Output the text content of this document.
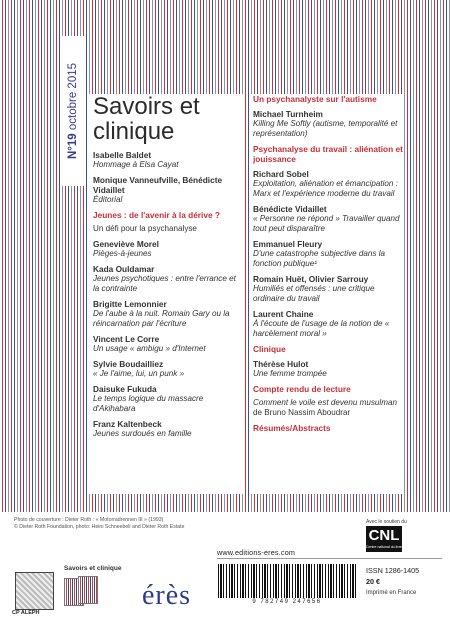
N°19 octobre 2015 Savoirs et
clinique
Isabelle Baldet
Hommage à Elsa Cayat
Monique Vanneufville, Bénédicte Vidaillet
Éditorial
Jeunes : de l'avenir à la dérive ?
Un défi pour la psychanalyse
Geneviève Morel
Pièges-à-jeunes
Kada Ouldamar
Jeunes psychotiques : entre l'errance et la contrainte
Brigitte Lemonnier
De l'aube à la nuit. Romain Gary ou la réincarnation par l'écriture
Vincent Le Corre
Un usage « ambigu » d'Internet
Sylvie Boudailliez
« Je l'aime, lui, un punk »
Daisuke Fukuda
Le temps logique du massacre d'Akihabara
Franz Kaltenbeck
Jeunes surdoués en famille
Un psychanalyste sur l'autisme
Michael Turnheim
Killing Me Softly (autisme, temporalité et représentation)
Psychanalyse du travail : aliénation et jouissance
Richard Sobel
Exploitation, aliénation et émancipation : Marx et l'expérience moderne du travail
Bénédicte Vidaillet
« Personne ne répond » Travailler quand tout peut disparaître
Emmanuel Fleury
D'une catastrophe subjective dans la fonction publique¹
Romain Huët, Olivier Sarrouy
Humiliés et offensés : une critique ordinaire du travail
Laurent Chaine
À l'écoute de l'usage de la notion de « harcèlement moral »
Clinique
Thérèse Hulot
Une femme trompée
Compte rendu de lecture
Comment le voile est devenu musulman
de Bruno Nassim Aboudrar
Résumés/Abstracts
Photo de couverture : Dieter Roth : « Motorradrennen III » (1993)
© Dieter Roth Foundation, photo: Heini Schneebeli and Dieter Roth Estate
www.editions-eres.com
Avec le soutien du
CNL
Centre national du livre
ISSN 1286-1405
20 €
Imprimé en France
CP ALEPH
Savoirs et clinique
érès	9 782749 247656
